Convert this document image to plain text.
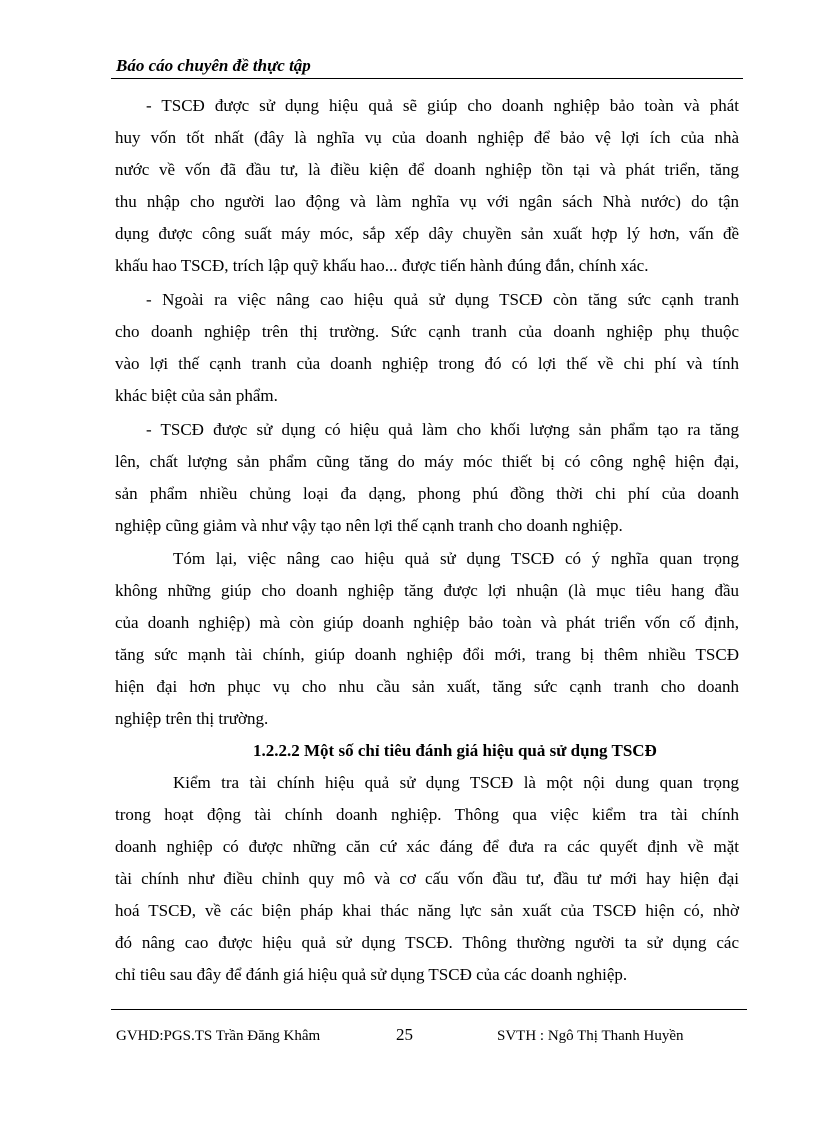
Báo cáo chuyên đề thực tập
- TSCĐ được sử dụng hiệu quả sẽ giúp cho doanh nghiệp bảo toàn và phát
huy vốn tốt nhất (đây là nghĩa vụ của doanh nghiệp để bảo vệ lợi ích của nhà
nước về vốn đã đầu tư, là điều kiện để doanh nghiệp tồn tại và phát triển, tăng
thu nhập cho người lao động và làm nghĩa vụ với ngân sách Nhà nước) do tận
dụng được công suất máy móc, sắp xếp dây chuyền sản xuất hợp lý hơn, vấn đề
khấu hao TSCĐ, trích lập quỹ khấu hao... được tiến hành đúng đắn, chính xác.
- Ngoài ra việc nâng cao hiệu quả sử dụng TSCĐ còn tăng sức cạnh tranh
cho doanh nghiệp trên thị trường. Sức cạnh tranh của doanh nghiệp phụ thuộc
vào lợi thế cạnh tranh của doanh nghiệp trong đó có lợi thế về chi phí và tính
khác biệt của sản phẩm.
- TSCĐ được sử dụng có hiệu quả làm cho khối lượng sản phẩm tạo ra tăng
lên, chất lượng sản phẩm cũng tăng do máy móc thiết bị có công nghệ hiện đại,
sản phẩm nhiều chủng loại đa dạng, phong phú đồng thời chi phí của doanh
nghiệp cũng giảm và như vậy tạo nên lợi thế cạnh tranh cho doanh nghiệp.
Tóm lại, việc nâng cao hiệu quả sử dụng TSCĐ có ý nghĩa quan trọng
không những giúp cho doanh nghiệp tăng được lợi nhuận (là mục tiêu hang đầu
của doanh nghiệp) mà còn giúp doanh nghiệp bảo toàn và phát triển vốn cố định,
tăng sức mạnh tài chính, giúp doanh nghiệp đổi mới, trang bị thêm nhiều TSCĐ
hiện đại hơn phục vụ cho nhu cầu sản xuất, tăng sức cạnh tranh cho doanh
nghiệp trên thị trường.
1.2.2.2 Một số chỉ tiêu đánh giá hiệu quả sử dụng TSCĐ
Kiểm tra tài chính hiệu quả sử dụng TSCĐ là một nội dung quan trọng
trong hoạt động tài chính doanh nghiệp. Thông qua việc kiểm tra tài chính
doanh nghiệp có được những căn cứ xác đáng để đưa ra các quyết định về mặt
tài chính như điều chỉnh quy mô và cơ cấu vốn đầu tư, đầu tư mới hay hiện đại
hoá TSCĐ, về các biện pháp khai thác năng lực sản xuất của TSCĐ hiện có, nhờ
đó nâng cao được hiệu quả sử dụng TSCĐ. Thông thường người ta sử dụng các
chỉ tiêu sau đây để đánh giá hiệu quả sử dụng TSCĐ của các doanh nghiệp.
GVHD:PGS.TS Trần Đăng Khâm	25	SVTH : Ngô Thị Thanh Huyền
